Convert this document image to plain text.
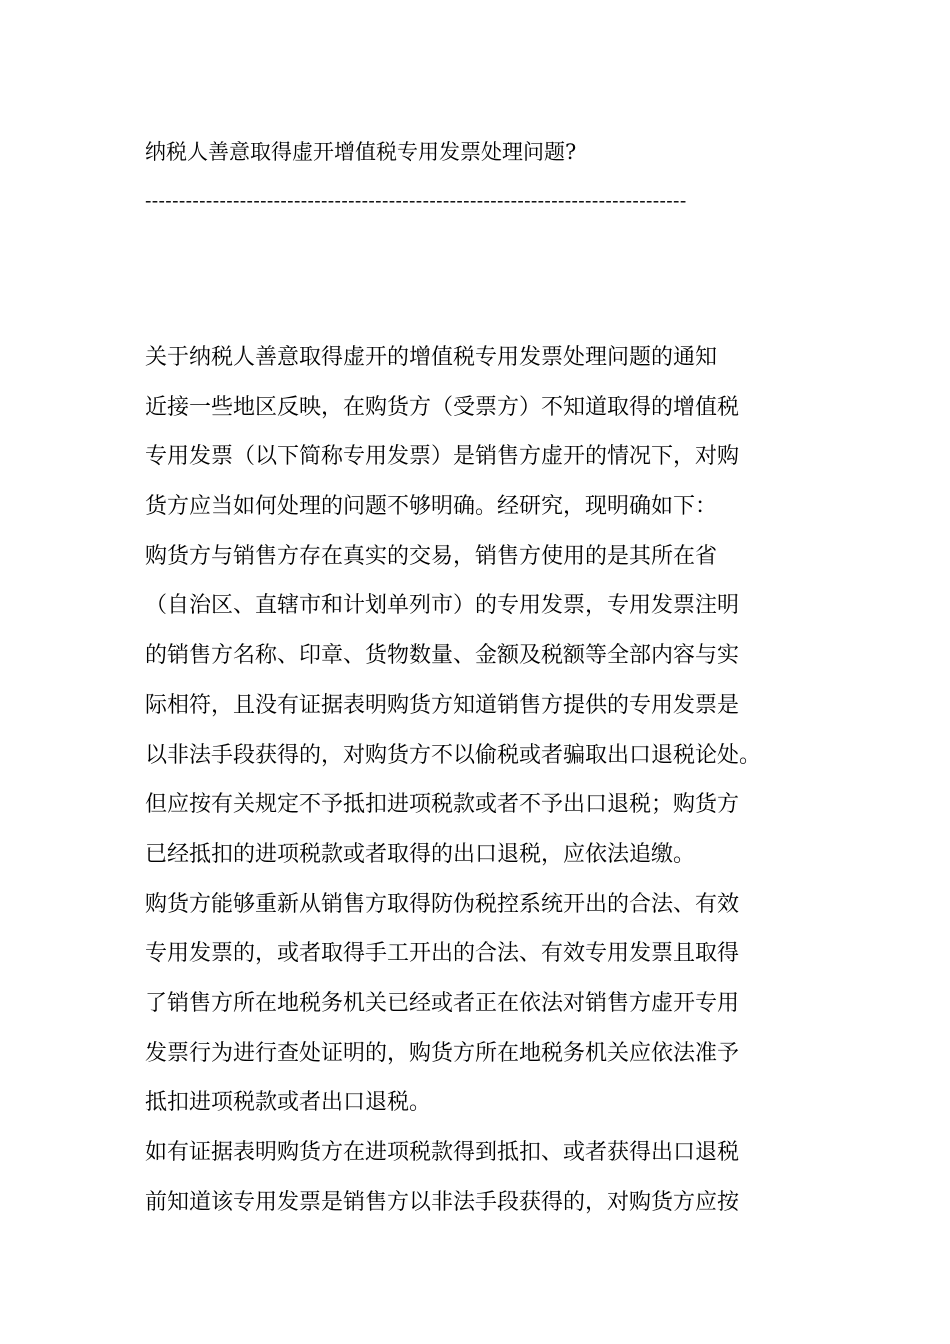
纳税人善意取得虚开增值税专用发票处理问题?
--------------------------------------------------------------------------------
关于纳税人善意取得虚开的增值税专用发票处理问题的通知
近接一些地区反映，在购货方（受票方）不知道取得的增值税
专用发票（以下简称专用发票）是销售方虚开的情况下，对购
货方应当如何处理的问题不够明确。经研究，现明确如下：
购货方与销售方存在真实的交易，销售方使用的是其所在省
（自治区、直辖市和计划单列市）的专用发票，专用发票注明
的销售方名称、印章、货物数量、金额及税额等全部内容与实
际相符，且没有证据表明购货方知道销售方提供的专用发票是
以非法手段获得的，对购货方不以偷税或者骗取出口退税论处。
但应按有关规定不予抵扣进项税款或者不予出口退税；购货方
已经抵扣的进项税款或者取得的出口退税，应依法追缴。
购货方能够重新从销售方取得防伪税控系统开出的合法、有效
专用发票的，或者取得手工开出的合法、有效专用发票且取得
了销售方所在地税务机关已经或者正在依法对销售方虚开专用
发票行为进行查处证明的，购货方所在地税务机关应依法准予
抵扣进项税款或者出口退税。
如有证据表明购货方在进项税款得到抵扣、或者获得出口退税
前知道该专用发票是销售方以非法手段获得的，对购货方应按
